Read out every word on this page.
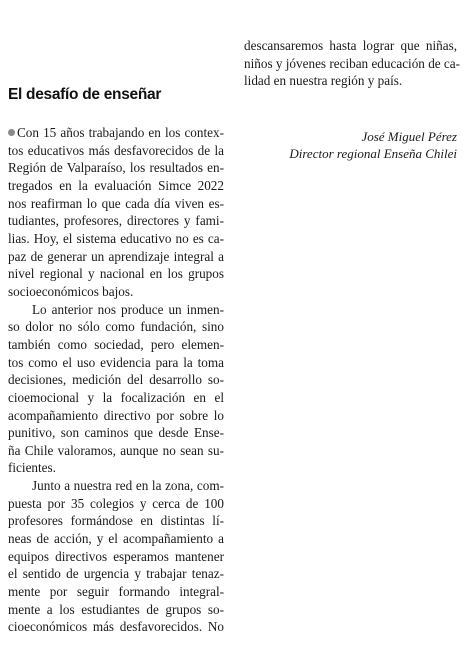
descansaremos hasta lograr que niñas,
niños y jóvenes reciban educación de ca-
lidad en nuestra región y país.
José Miguel Pérez
Director regional Enseña Chilei
El desafío de enseñar
Con 15 años trabajando en los contex-
tos educativos más desfavorecidos de la
Región de Valparaíso, los resultados en-
tregados en la evaluación Simce 2022
nos reafirman lo que cada día viven es-
tudiantes, profesores, directores y fami-
lias. Hoy, el sistema educativo no es ca-
paz de generar un aprendizaje integral a
nivel regional y nacional en los grupos
socioeconómicos bajos.
Lo anterior nos produce un inmen-
so dolor no sólo como fundación, sino
también como sociedad, pero elemen-
tos como el uso evidencia para la toma
decisiones, medición del desarrollo so-
cioemocional y la focalización en el
acompañamiento directivo por sobre lo
punitivo, son caminos que desde Ense-
ña Chile valoramos, aunque no sean su-
ficientes.
Junto a nuestra red en la zona, com-
puesta por 35 colegios y cerca de 100
profesores formándose en distintas lí-
neas de acción, y el acompañamiento a
equipos directivos esperamos mantener
el sentido de urgencia y trabajar tenaz-
mente por seguir formando integral-
mente a los estudiantes de grupos so-
cioeconómicos más desfavorecidos. No
